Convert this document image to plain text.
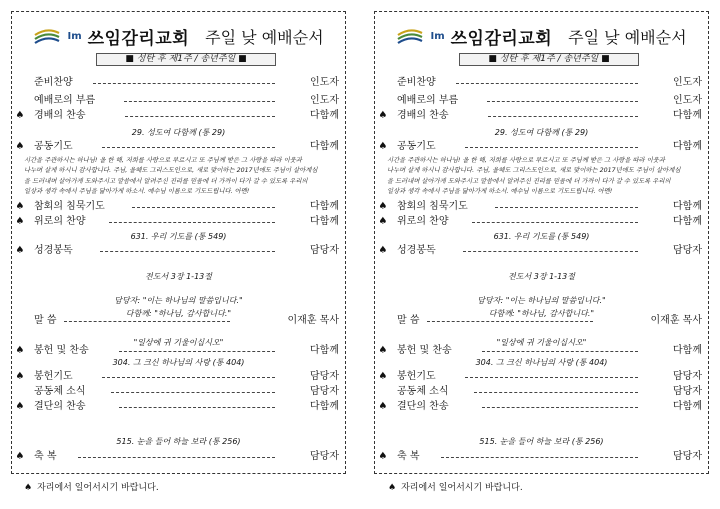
Im 쓰임감리교회 주일 낮 예배순서
■ 성탄 후 제1주 / 송년주일 ■
준비찬양	인도자
예배로의 부름	인도자
♠ 경배의 찬송	다함께
♠ 공동기도	다함께
♠ 참회의 침묵기도	다함께
♠ 위로의 찬양	다함께
♠ 성경봉독	담당자
말 씀	이재훈 목사
♠ 봉헌 및 찬송	다함께
♠ 봉헌기도	담당자
공동체 소식	담당자
♠ 결단의 찬송	다함께
♠ 축 복	담당자
29. 성도여 다함께 (통 29)
전도서 3장 1-13절
담당자: "이는 하나님의 말씀입니다."
다함께: "하나님, 감사합니다."
"일상에 귀 기울이십시오"
304. 그 크신 하나님의 사랑 (통 404)
631. 우리 기도를 (통 549)
515. 눈을 들어 하늘 보라 (통 256)
시간을 주관하시는 하나님! 올 한 해, 저희를 사랑으로 부르시고 또 주님께 받은 그 사랑을 따라 이웃과
나누며 살게 하시니 감사합니다. 주님, 올해도 그리스도인으로, 새로 맞이하는 2017년에도 주님이 살아계심
을 드러내며 살아가게 도와주시고 말씀에서 알려주신 진리를 믿음에 더 가까이 다가 갈 수 있도록 우리의
일상과 생각 속에서 주님을 닮아가게 하소서. 예수님 이름으로 기도드립니다. 아멘!
♠ 자리에서 일어서시기 바랍니다.
Im 쓰임감리교회 주일 낮 예배순서
■ 성탄 후 제1주 / 송년주일 ■
준비찬양	인도자
예배로의 부름	인도자
♠ 경배의 찬송	다함께
♠ 공동기도	다함께
♠ 참회의 침묵기도	다함께
♠ 위로의 찬양	다함께
♠ 성경봉독	담당자
말 씀	이재훈 목사
♠ 봉헌 및 찬송	다함께
♠ 봉헌기도	담당자
공동체 소식	담당자
♠ 결단의 찬송	다함께
♠ 축 복	담당자
29. 성도여 다함께 (통 29)
전도서 3장 1-13절
담당자: "이는 하나님의 말씀입니다."
다함께: "하나님, 감사합니다."
"일상에 귀 기울이십시오"
304. 그 크신 하나님의 사랑 (통 404)
631. 우리 기도를 (통 549)
515. 눈을 들어 하늘 보라 (통 256)
시간을 주관하시는 하나님! 올 한 해, 저희를 사랑으로 부르시고 또 주님께 받은 그 사랑을 따라 이웃과
나누며 살게 하시니 감사합니다. 주님, 올해도 그리스도인으로, 새로 맞이하는 2017년에도 주님이 살아계심
을 드러내며 살아가게 도와주시고 말씀에서 알려주신 진리를 믿음에 더 가까이 다가 갈 수 있도록 우리의
일상과 생각 속에서 주님을 닮아가게 하소서. 예수님 이름으로 기도드립니다. 아멘!
♠ 자리에서 일어서시기 바랍니다.
